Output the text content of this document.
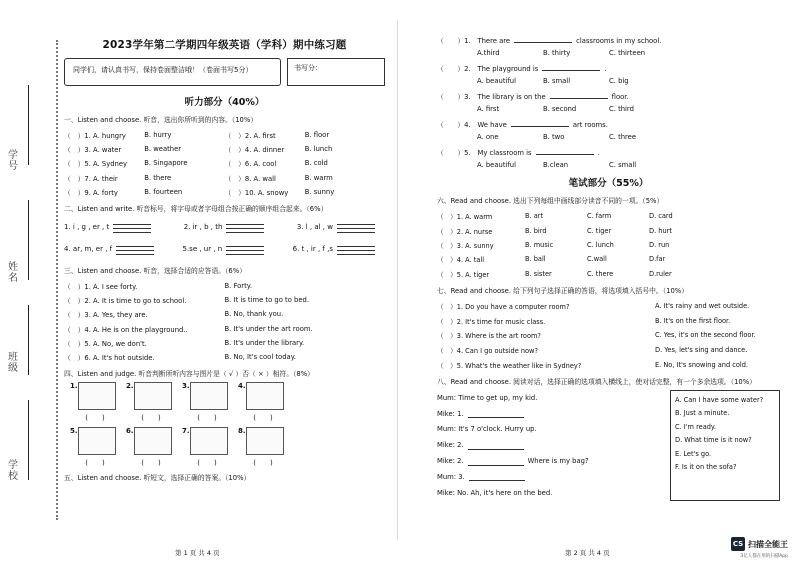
学号
姓名
班级
学校
2023学年第二学期四年级英语（学科）期中练习题
同学们，请认真书写，保持卷面整洁哦！（卷面书写5分）	书写分：
听力部分（40%）
一、Listen and choose. 听音，选出你所听到的内容。（10%）
（　）1. A. hungry	B. hurry	（　）2. A. first	B. floor
（　）3. A. water	B. weather	（　）4. A. dinner	B. lunch
（　）5. A. Sydney	B. Singapore	（　）6. A. cool	B. cold
（　）7. A. their	B. there	（　）8. A. wall	B. warm
（　）9. A. forty	B. fourteen	（　）10. A. snowy	B. sunny
二、Listen and write. 听音标号，将字母或者字母组合按正确的顺序组合起来。（6%）
1. i , g , er , t	2. ir , b , th	3. l , al , w
4. ar, m, er , f	5.se , ur , n	6. t , ir , f ,s
三、Listen and choose. 听音，选择合适的应答语。（6%）
（　）1. A. I see forty.	B. Forty.
（　）2. A. It is time to go to school.	B. It is time to go to bed.
（　）3. A. Yes, they are.	B. No, thank you.
（　）4. A. He is on the playground..	B. It's under the art room.
（　）5. A. No, we don't.	B. It's under the library.
（　）6. A. It's hot outside.	B. No, It's cool today.
四、Listen and judge. 听音判断所听内容与图片是（ √ ）否（ × ）相符。（8%）
1.
(　　)
2.
(　　)
3.
(　　)
4.
(　　)
5.
(　　)
6.
(　　)
7.
(　　)
8.
(　　)
五、Listen and choose. 听短文，选择正确的答案。（10%）
第 1 页 共 4 页
（　　）1.　There are	classrooms in my school.
A.third	B. thirty	C. thirteen
（　　）2.　The playground is	.
A. beautiful	B. small	C. big
（　　）3.　The library is on the	floor.
A. first	B. second	C. third
（　　）4.　We have	art rooms.
A. one	B. two	C. three
（　　）5.　My classroom is	.
A. beautiful	B.clean	C. small
笔试部分（55%）
六、Read and choose. 选出下列每组中画线部分读音不同的一项。（5%）
（　）1. A. warm	B. art	C. farm	D. card
（　）2. A. nurse	B. bird	C. tiger	D. hurt
（　）3. A. sunny	B. music	C. lunch	D. run
（　）4. A. tall	B. ball	C.wall	D.far
（　）5. A. tiger	B. sister	C. there	D.ruler
七、Read and choose. 给下列句子选择正确的答语，将选项填入括号中。（10%）
（　）1. Do you have a computer room?	A. It's rainy and wet outside.
（　）2. It's time for music class.	B. It's on the first floor.
（　）3. Where is the art room?	C. Yes, it's on the second floor.
（　）4. Can I go outside now?	D. Yes, let's sing and dance.
（　）5. What's the weather like in Sydney?	E. No, It's snowing and cold.
八、Read and choose. 阅读对话，选择正确的选项填入横线上，使对话完整，有一个多余选项。（10%）
Mum: Time to get up, my kid.
Mike: 1.
Mum: It's 7 o'clock. Hurry up.
Mike: 2.
Mike: 2.	Where is my bag?
Mum: 3.
Mike: No. Ah, it's here on the bed.
A. Can I have some water?
B. Just a minute.
C. I'm ready.
D. What time is it now?
E. Let's go.
F. Is it on the sofa?
第 2 页 共 4 页
CS 扫描全能王
3亿人都在用的扫描App
